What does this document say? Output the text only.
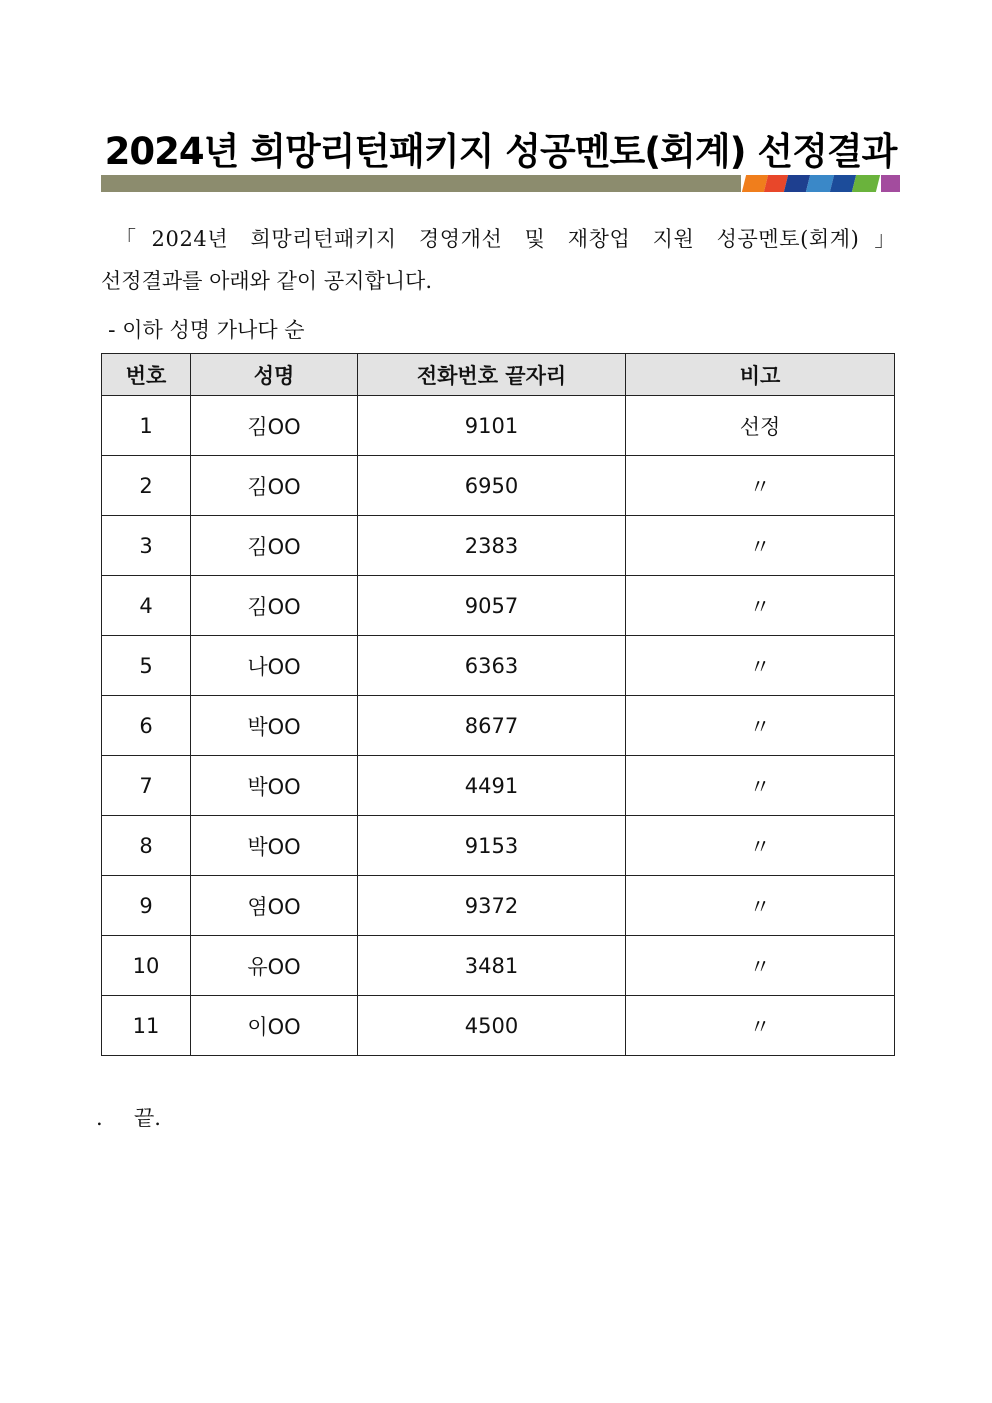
2024년 희망리턴패키지 성공멘토(회계) 선정결과

「2024년 희망리턴패키지 경영개선 및 재창업 지원 성공멘토(회계)」
선정결과를 아래와 같이 공지합니다.

- 이하 성명 가나다 순

번호	성명	전화번호 끝자리	비고
1	김OO	9101	선정
2	김OO	6950	〃
3	김OO	2383	〃
4	김OO	9057	〃
5	나OO	6363	〃
6	박OO	8677	〃
7	박OO	4491	〃
8	박OO	9153	〃
9	염OO	9372	〃
10	유OO	3481	〃
11	이OO	4500	〃

. 끝.
